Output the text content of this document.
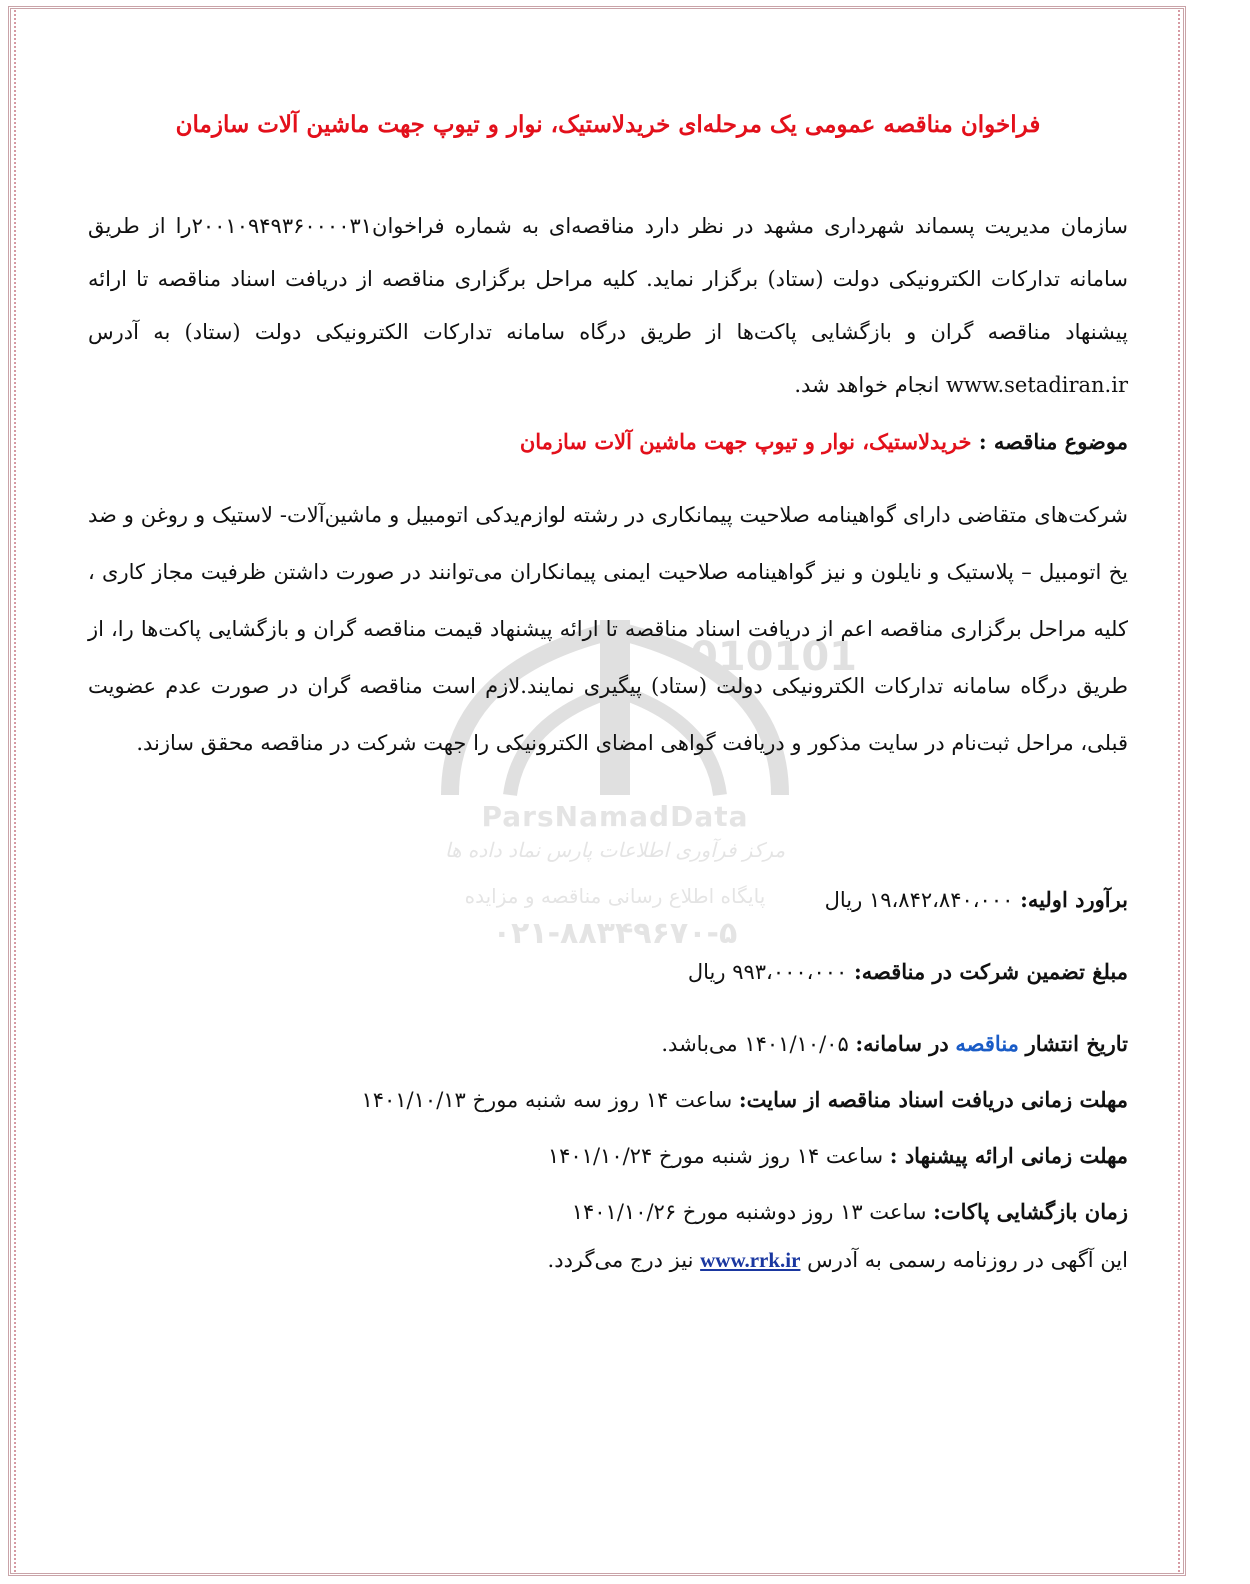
010101
ParsNamadData
مرکز فرآوری اطلاعات پارس نماد داده ها
پایگاه اطلاع رسانی مناقصه و مزایده
۰۲۱-۸۸۳۴۹۶۷۰-۵
فراخوان مناقصه عمومی یک مرحله‌ای خریدلاستیک، نوار و تیوپ جهت ماشین آلات سازمان

سازمان مدیریت پسماند شهرداری مشهد در نظر دارد مناقصه‌ای به شماره فراخوان۲۰۰۱۰۹۴۹۳۶۰۰۰۰۳۱را از طریق سامانه تدارکات الکترونیکی دولت (ستاد) برگزار نماید. کلیه مراحل برگزاری مناقصه از دریافت اسناد مناقصه تا ارائه پیشنهاد مناقصه گران و بازگشایی پاکت‌ها از طریق درگاه سامانه تدارکات الکترونیکی دولت (ستاد) به آدرس www.setadiran.ir انجام خواهد شد.

موضوع مناقصه : خریدلاستیک، نوار و تیوپ جهت ماشین آلات سازمان

شرکت‌های متقاضی دارای گواهینامه صلاحیت پیمانکاری در رشته لوازم‌یدکی اتومبیل و ماشین‌آلات- لاستیک و روغن و ضد یخ اتومبیل – پلاستیک و نایلون و نیز گواهینامه صلاحیت ایمنی پیمانکاران می‌توانند در صورت داشتن ظرفیت مجاز کاری ، کلیه مراحل برگزاری مناقصه اعم از دریافت اسناد مناقصه تا ارائه پیشنهاد قیمت مناقصه گران و بازگشایی پاکت‌ها را، از طریق درگاه سامانه تدارکات الکترونیکی دولت (ستاد) پیگیری نمایند.لازم است مناقصه گران در صورت عدم عضویت قبلی، مراحل ثبت‌نام در سایت مذکور و دریافت گواهی امضای الکترونیکی را جهت شرکت در مناقصه محقق سازند.

برآورد اولیه: ۱۹،۸۴۲،۸۴۰،۰۰۰ ریال

مبلغ تضمین شرکت در مناقصه: ۹۹۳،۰۰۰،۰۰۰ ریال

تاریخ انتشار مناقصه در سامانه: ۱۴۰۱/۱۰/۰۵ می‌باشد.

مهلت زمانی دریافت اسناد مناقصه از سایت: ساعت ۱۴ روز سه شنبه مورخ ۱۴۰۱/۱۰/۱۳

مهلت زمانی ارائه پیشنهاد : ساعت ۱۴ روز شنبه مورخ ۱۴۰۱/۱۰/۲۴

زمان بازگشایی پاکات: ساعت ۱۳ روز دوشنبه مورخ ۱۴۰۱/۱۰/۲۶

این آگهی در روزنامه رسمی به آدرس www.rrk.ir نیز درج می‌گردد.
